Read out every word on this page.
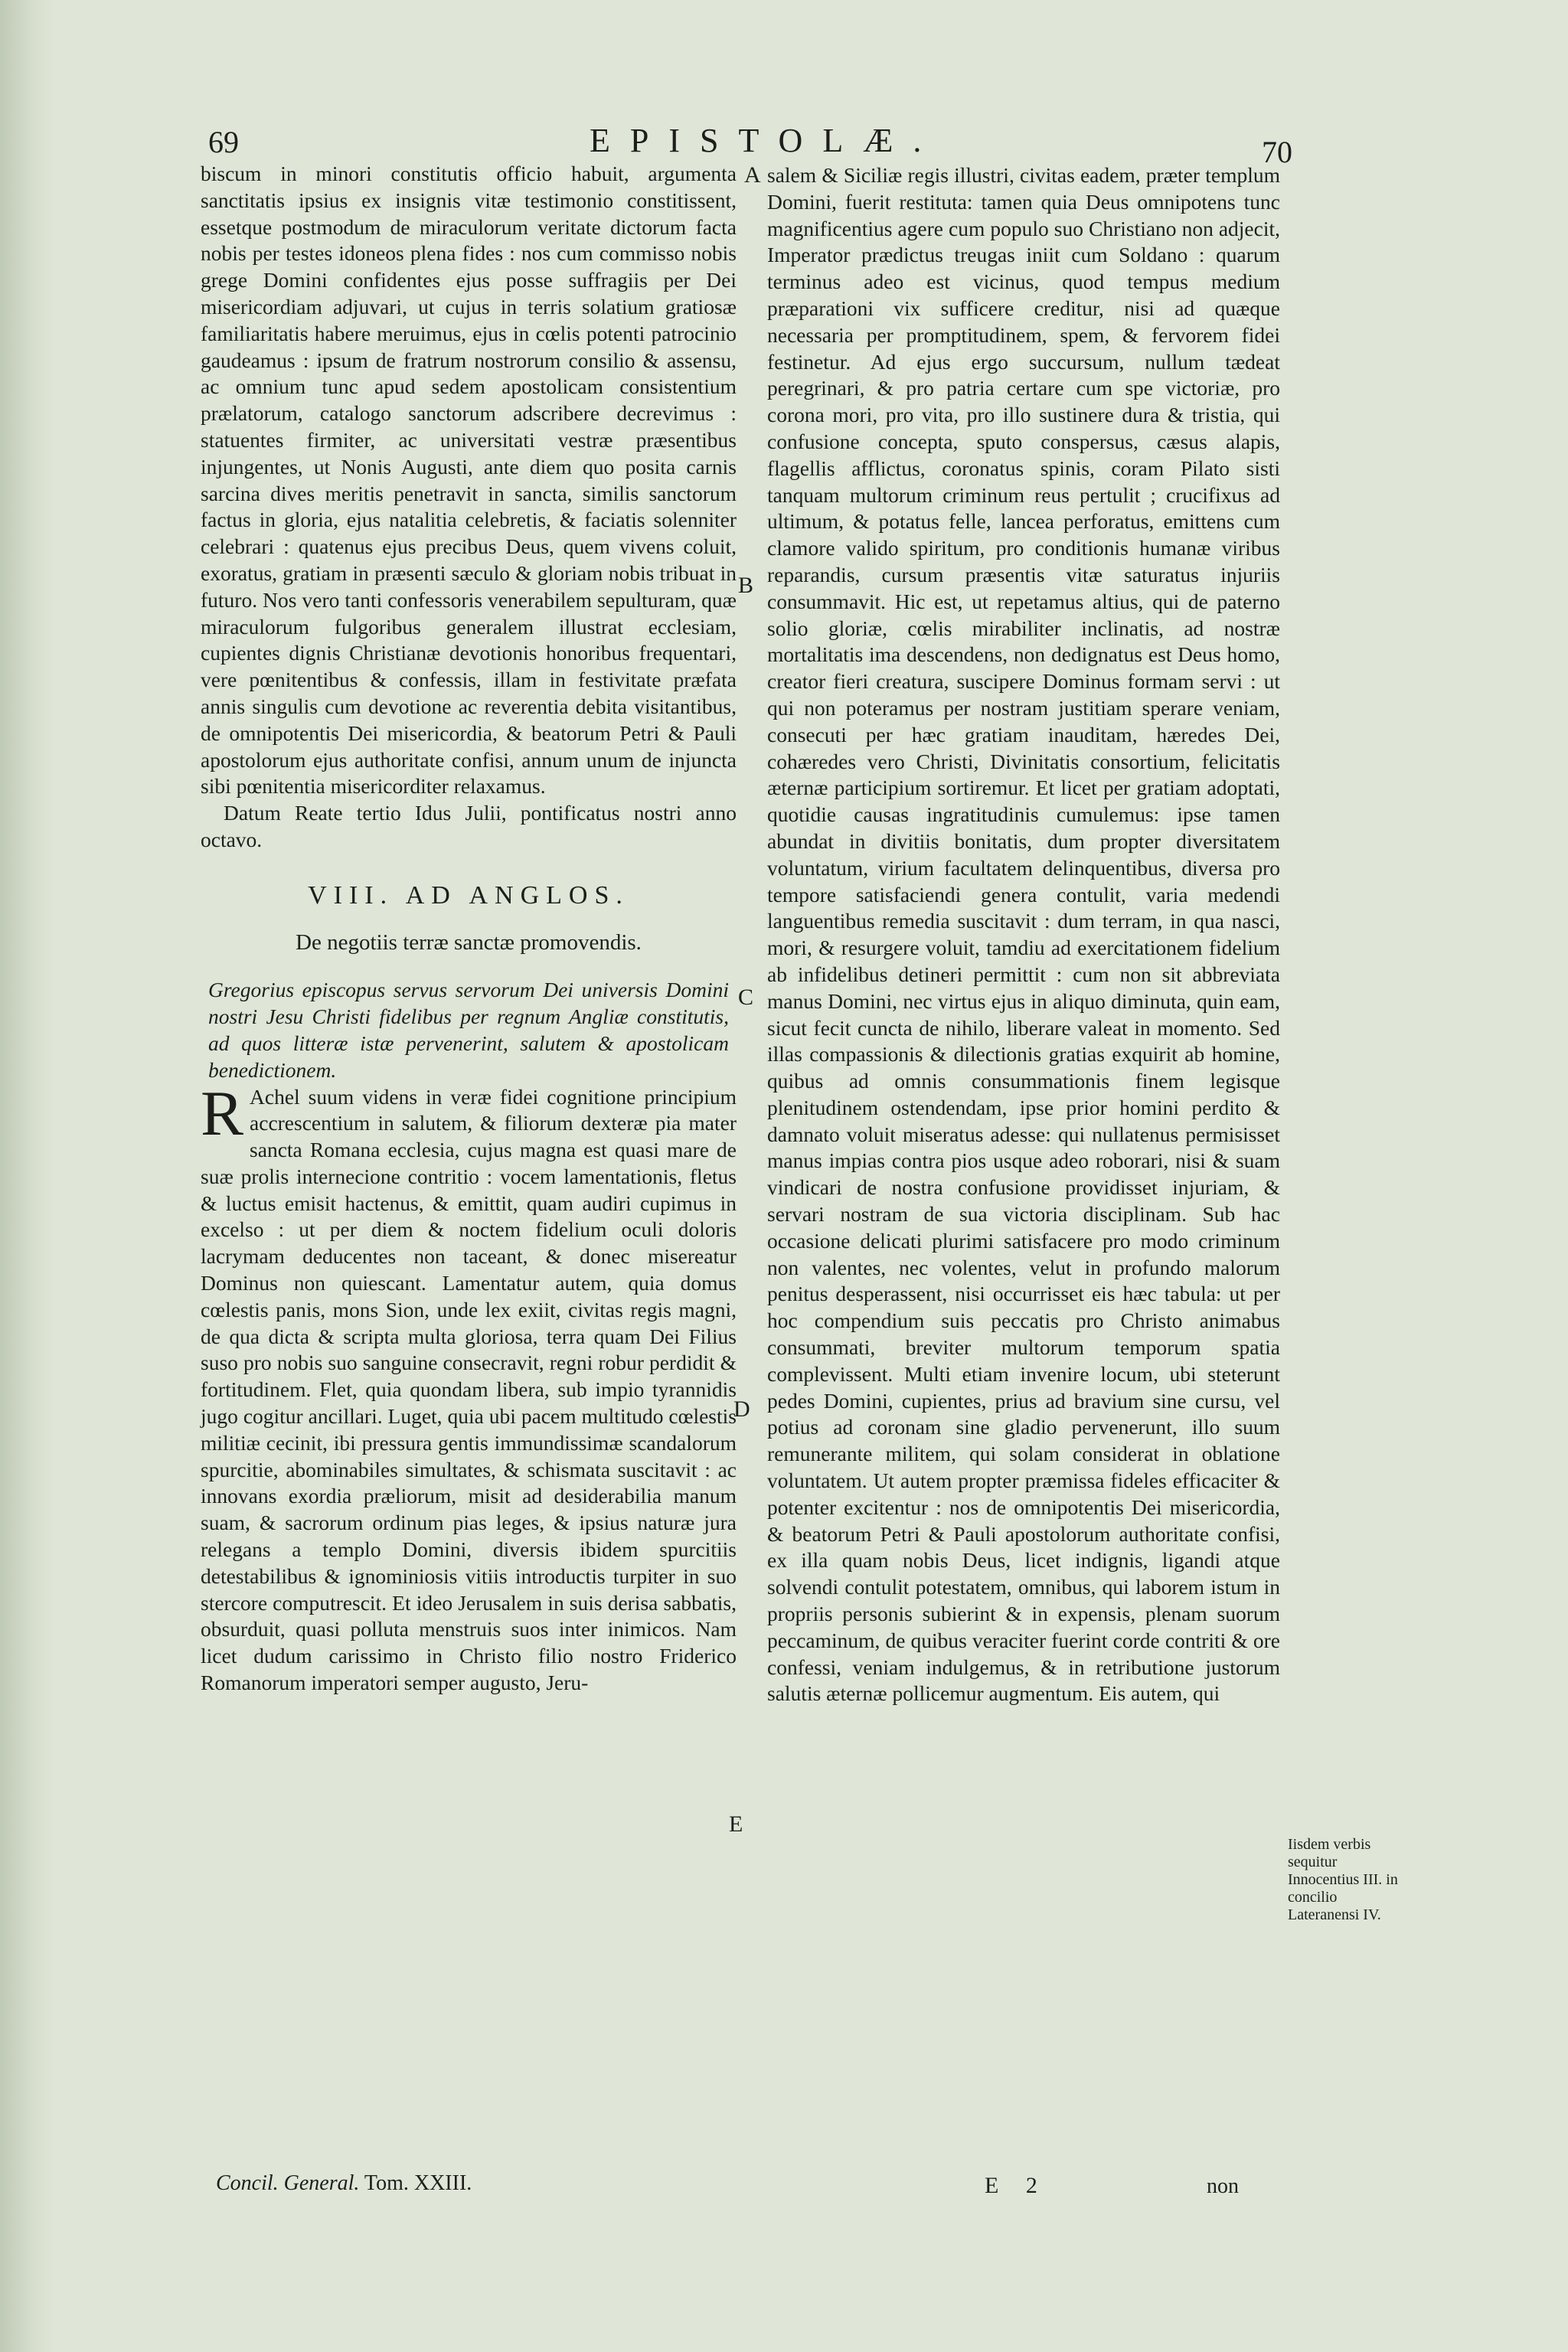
69	EPISTOLÆ.	70

biscum in minori constitutis officio habuit, argumenta sanctitatis ipsius ex insignis vitæ testimonio constitissent, essetque postmodum de miraculorum veritate dictorum facta nobis per testes idoneos plena fides : nos cum commisso nobis grege Domini confidentes ejus posse suffragiis per Dei misericordiam adjuvari, ut cujus in terris solatium gratiosæ familiaritatis habere meruimus, ejus in cœlis potenti patrocinio gaudeamus : ipsum de fratrum nostrorum consilio & assensu, ac omnium tunc apud sedem apostolicam consistentium prælatorum, catalogo sanctorum adscribere decrevimus : statuentes firmiter, ac universitati vestræ præsentibus injungentes, ut Nonis Augusti, ante diem quo posita carnis sarcina dives meritis penetravit in sancta, similis sanctorum factus in gloria, ejus natalitia celebretis, & faciatis solenniter celebrari : quatenus ejus precibus Deus, quem vivens coluit, exoratus, gratiam in præsenti sæculo & gloriam nobis tribuat in futuro. Nos vero tanti confessoris venerabilem sepulturam, quæ miraculorum fulgoribus generalem illustrat ecclesiam, cupientes dignis Christianæ devotionis honoribus frequentari, vere pœnitentibus & confessis, illam in festivitate præfata annis singulis cum devotione ac reverentia debita visitantibus, de omnipotentis Dei misericordia, & beatorum Petri & Pauli apostolorum ejus authoritate confisi, annum unum de injuncta sibi pœnitentia misericorditer relaxamus.

Datum Reate tertio Idus Julii, pontificatus nostri anno octavo.

VIII. AD ANGLOS.
De negotiis terræ sanctæ promovendis.

Gregorius episcopus servus servorum Dei universis Domini nostri Jesu Christi fidelibus per regnum Angliæ constitutis, ad quos litteræ istæ pervenerint, salutem & apostolicam benedictionem.

R Achel suum videns in veræ fidei cognitione principium accrescentium in salutem, & filiorum dexteræ pia mater sancta Romana ecclesia, cujus magna est quasi mare de suæ prolis internecione contritio : vocem lamentationis, fletus & luctus emisit hactenus, & emittit, quam audiri cupimus in excelso : ut per diem & noctem fidelium oculi doloris lacrymam deducentes non taceant, & donec misereatur Dominus non quiescant. Lamentatur autem, quia domus cœlestis panis, mons Sion, unde lex exiit, civitas regis magni, de qua dicta & scripta multa gloriosa, terra quam Dei Filius suso pro nobis suo sanguine consecravit, regni robur perdidit & fortitudinem. Flet, quia quondam libera, sub impio tyrannidis jugo cogitur ancillari. Luget, quia ubi pacem multitudo cœlestis militiæ cecinit, ibi pressura gentis immundissimæ scandalorum spurcitie, abominabiles simultates, & schismata suscitavit : ac innovans exordia præliorum, misit ad desiderabilia manum suam, & sacrorum ordinum pias leges, & ipsius naturæ jura relegans a templo Domini, diversis ibidem spurcitiis detestabilibus & ignominiosis vitiis introductis turpiter in suo stercore computrescit. Et ideo Jerusalem in suis derisa sabbatis, obsurduit, quasi polluta menstruis suos inter inimicos. Nam licet dudum carissimo in Christo filio nostro Friderico Romanorum imperatori semper augusto, Jeru-

salem & Siciliæ regis illustri, civitas eadem, præter templum Domini, fuerit restituta: tamen quia Deus omnipotens tunc magnificentius agere cum populo suo Christiano non adjecit, Imperator prædictus treugas iniit cum Soldano : quarum terminus adeo est vicinus, quod tempus medium præparationi vix sufficere creditur, nisi ad quæque necessaria per promptitudinem, spem, & fervorem fidei festinetur. Ad ejus ergo succursum, nullum tædeat peregrinari, & pro patria certare cum spe victoriæ, pro corona mori, pro vita, pro illo sustinere dura & tristia, qui confusione concepta, sputo conspersus, cæsus alapis, flagellis afflictus, coronatus spinis, coram Pilato sisti tanquam multorum criminum reus pertulit ; crucifixus ad ultimum, & potatus felle, lancea perforatus, emittens cum clamore valido spiritum, pro conditionis humanæ viribus reparandis, cursum præsentis vitæ saturatus injuriis consummavit. Hic est, ut repetamus altius, qui de paterno solio gloriæ, cœlis mirabiliter inclinatis, ad nostræ mortalitatis ima descendens, non dedignatus est Deus homo, creator fieri creatura, suscipere Dominus formam servi : ut qui non poteramus per nostram justitiam sperare veniam, consecuti per hæc gratiam inauditam, hæredes Dei, cohæredes vero Christi, Divinitatis consortium, felicitatis æternæ participium sortiremur. Et licet per gratiam adoptati, quotidie causas ingratitudinis cumulemus: ipse tamen abundat in divitiis bonitatis, dum propter diversitatem voluntatum, virium facultatem delinquentibus, diversa pro tempore satisfaciendi genera contulit, varia medendi languentibus remedia suscitavit : dum terram, in qua nasci, mori, & resurgere voluit, tamdiu ad exercitationem fidelium ab infidelibus detineri permittit : cum non sit abbreviata manus Domini, nec virtus ejus in aliquo diminuta, quin eam, sicut fecit cuncta de nihilo, liberare valeat in momento. Sed illas compassionis & dilectionis gratias exquirit ab homine, quibus ad omnis consummationis finem legisque plenitudinem ostendendam, ipse prior homini perdito & damnato voluit miseratus adesse: qui nullatenus permisisset manus impias contra pios usque adeo roborari, nisi & suam vindicari de nostra confusione providisset injuriam, & servari nostram de sua victoria disciplinam. Sub hac occasione delicati plurimi satisfacere pro modo criminum non valentes, nec volentes, velut in profundo malorum penitus desperassent, nisi occurrisset eis hæc tabula: ut per hoc compendium suis peccatis pro Christo animabus consummati, breviter multorum temporum spatia complevissent. Multi etiam invenire locum, ubi steterunt pedes Domini, cupientes, prius ad bravium sine cursu, vel potius ad coronam sine gladio pervenerunt, illo suum remunerante militem, qui solam considerat in oblatione voluntatem. Ut autem propter præmissa fideles efficaciter & potenter excitentur : nos de omnipotentis Dei misericordia, & beatorum Petri & Pauli apostolorum authoritate confisi, ex illa quam nobis Deus, licet indignis, ligandi atque solvendi contulit potestatem, omnibus, qui laborem istum in propriis personis subierint & in expensis, plenam suorum peccaminum, de quibus veraciter fuerint corde contriti & ore confessi, veniam indulgemus, & in retributione justorum salutis æternæ pollicemur augmentum. Eis autem, qui

A
B
C
D
E
Iisdem verbis sequitur Innocentius III. in concilio Lateranensi IV.
Concil. General. Tom. XXIII.	E 2	non
